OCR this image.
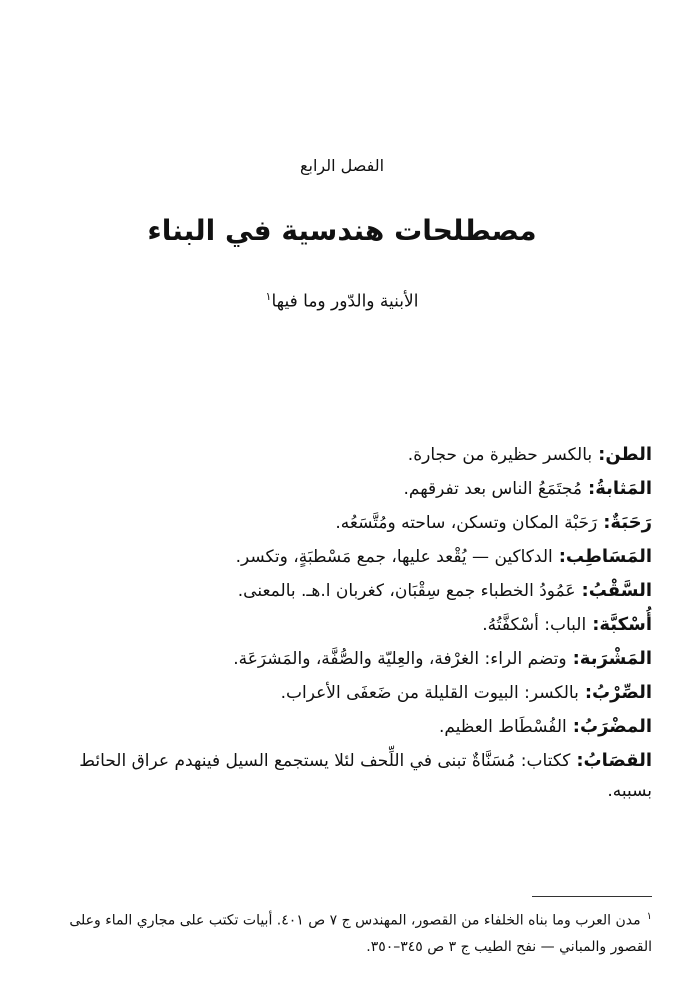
الفصل الرابع
مصطلحات هندسية في البناء
الأبنية والدّور وما فيها$^١$
الطن:بالكسر حظيرة من حجارة.
المَثابةُ:مُجتَمَعُ الناس بعد تفرقهم.
رَحَبَةٌ:رَحَبْة المكان وتسكن، ساحته ومُتَّسَعُه.
المَسَاطِب:الدكاكين — يُقْعد عليها، جمع مَسْطبَةٍ، وتكسر.
السَّقْبُ:عَمُودُ الخطباء جمع سِقْبَان، كغربان ا.هـ. بالمعنى.
أُسْكبَّة:الباب: أسْكفَّتُهُ.
المَشْرَبة:وتضم الراء: الغرْفة، والعِليّة والصُّفَّة، والمَشرَعَة.
الصِّرْبُ:بالكسر: البيوت القليلة من ضَعفَى الأعراب.
المضْرَبُ:الفُسْطَاط العظيم.
القصَابُ:ككتاب: مُسَنَّاةٌ تبنى في اللِّحف لئلا يستجمع السيل فينهدم عراق الحائط بسببه.
$^١$مدن العرب وما بناه الخلفاء من القصور، المهندس ج ٧ ص ٤٠١. أبيات تكتب على مجاري الماء وعلى القصور والمباني — نفح الطيب ج ٣ ص ٣٤٥–٣٥٠.
